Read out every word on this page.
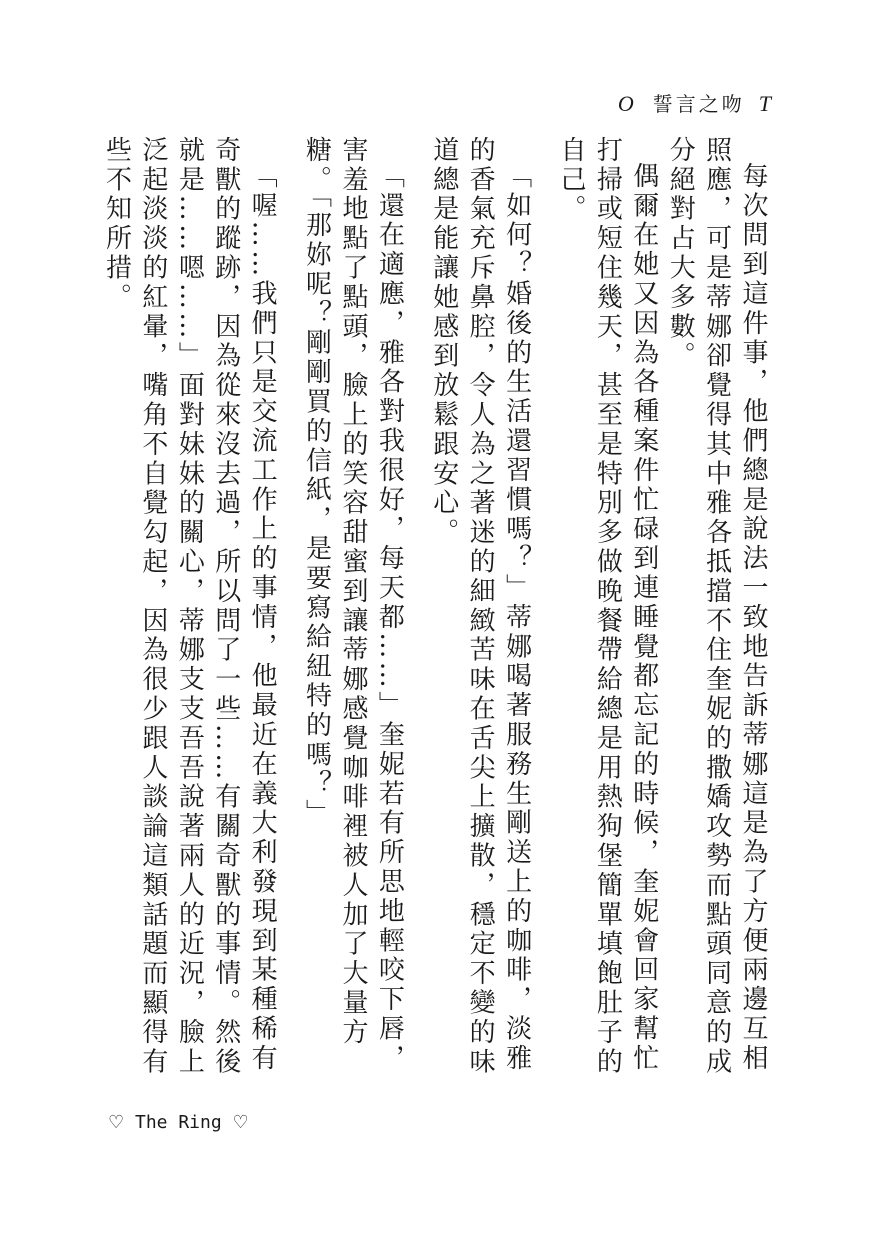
O 誓言之吻 T

每次問到這件事，他們總是說法一致地告訴蒂娜這是為了方便兩邊互相照應，可是蒂娜卻覺得其中雅各抵擋不住奎妮的撒嬌攻勢而點頭同意的成分絕對占大多數。

偶爾在她又因為各種案件忙碌到連睡覺都忘記的時候，奎妮會回家幫忙打掃或短住幾天，甚至是特別多做晚餐帶給總是用熱狗堡簡單填飽肚子的自己。

「如何？婚後的生活還習慣嗎？」蒂娜喝著服務生剛送上的咖啡，淡雅的香氣充斥鼻腔，令人為之著迷的細緻苦味在舌尖上擴散，穩定不變的味道總是能讓她感到放鬆跟安心。

「還在適應，雅各對我很好，每天都……」奎妮若有所思地輕咬下唇，害羞地點了點頭，臉上的笑容甜蜜到讓蒂娜感覺咖啡裡被人加了大量方糖。「那妳呢？剛剛買的信紙，是要寫給紐特的嗎？」

「喔……我們只是交流工作上的事情，他最近在義大利發現到某種稀有奇獸的蹤跡，因為從來沒去過，所以問了一些……有關奇獸的事情。然後就是……嗯……」面對妹妹的關心，蒂娜支支吾吾說著兩人的近況，臉上泛起淡淡的紅暈，嘴角不自覺勾起，因為很少跟人談論這類話題而顯得有些不知所措。

♡ The Ring ♡
